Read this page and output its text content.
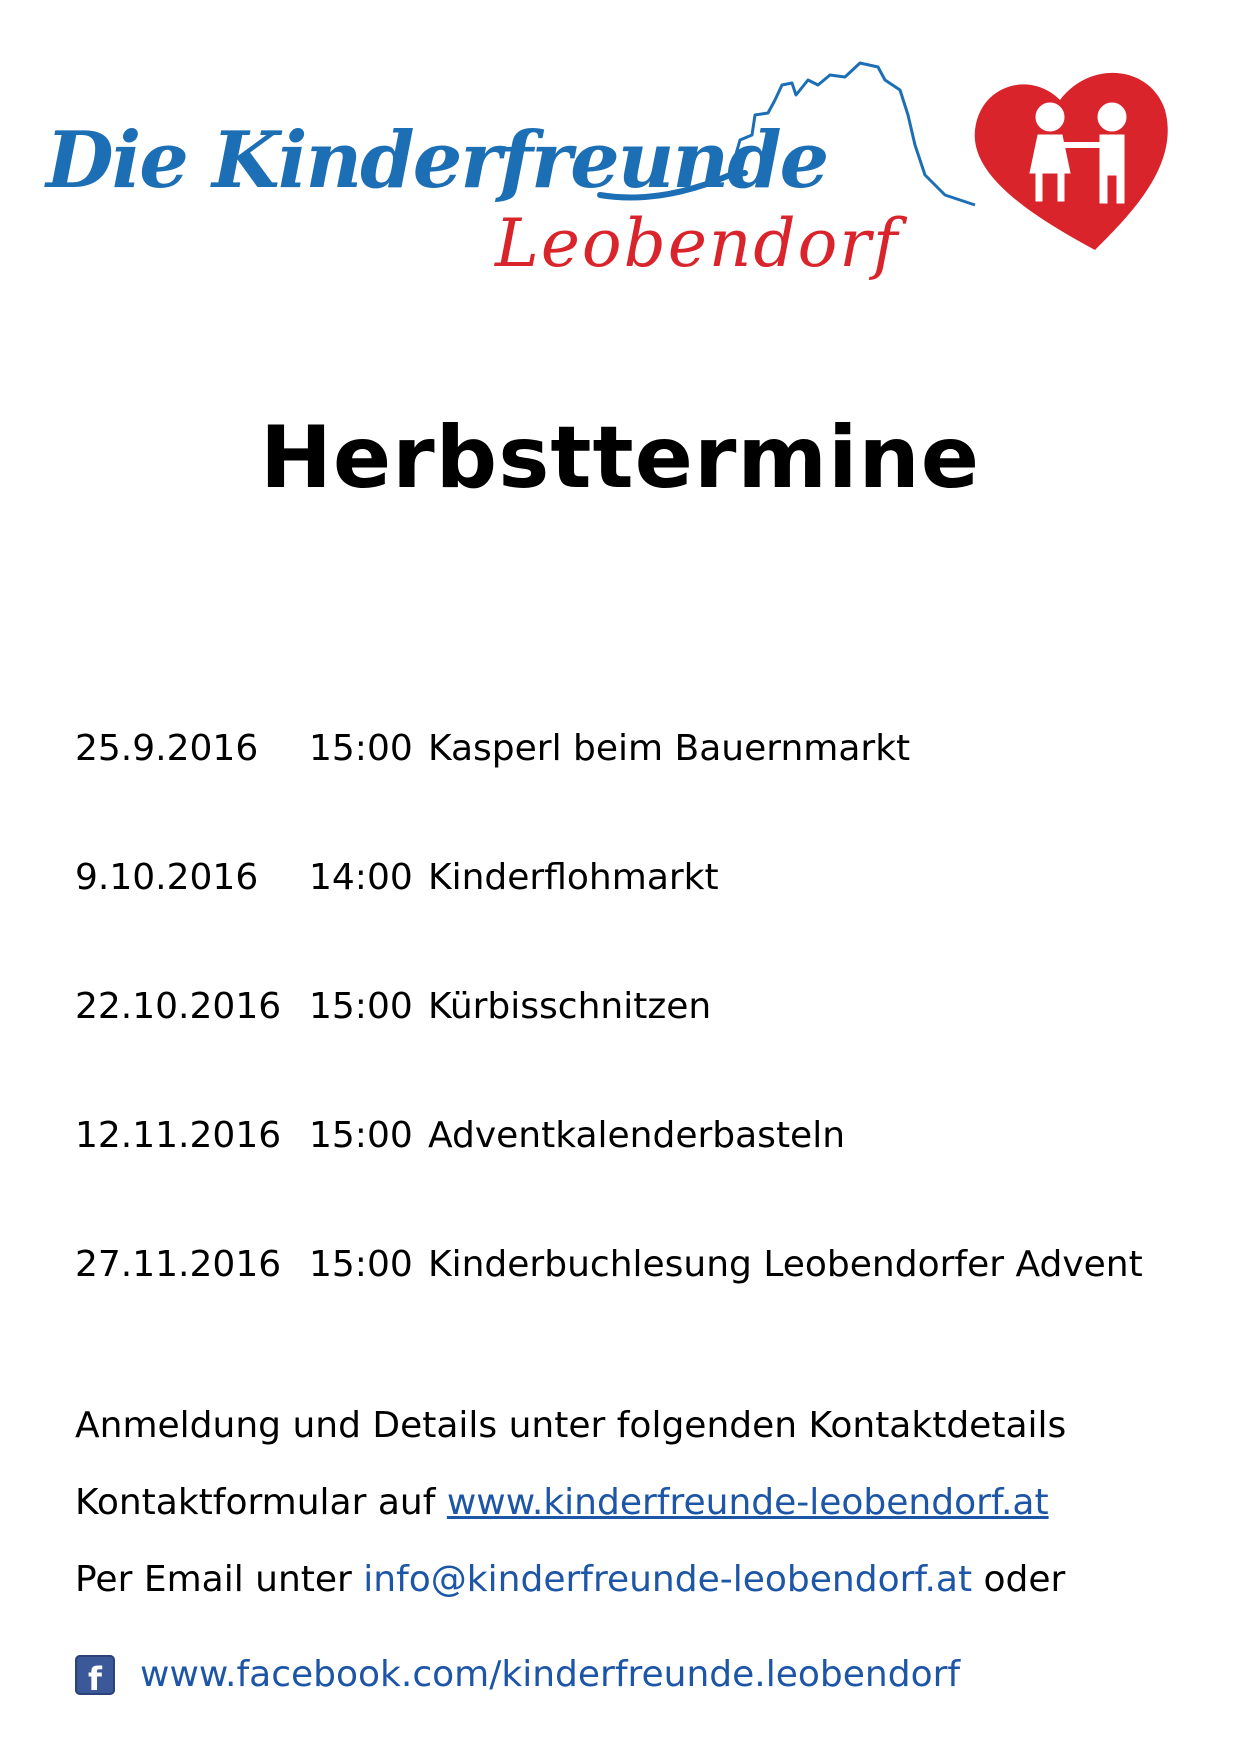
Die Kinderfreunde
Leobendorf
Herbsttermine
25.9.2016	15:00 Kasperl beim Bauernmarkt
9.10.2016	14:00 Kinderflohmarkt
22.10.2016 15:00 Kürbisschnitzen
12.11.2016 15:00 Adventkalenderbasteln
27.11.2016 15:00 Kinderbuchlesung Leobendorfer Advent
Anmeldung und Details unter folgenden Kontaktdetails
Kontaktformular auf www.kinderfreunde-leobendorf.at
Per Email unter info@kinderfreunde-leobendorf.at oder
f	www.facebook.com/kinderfreunde.leobendorf
